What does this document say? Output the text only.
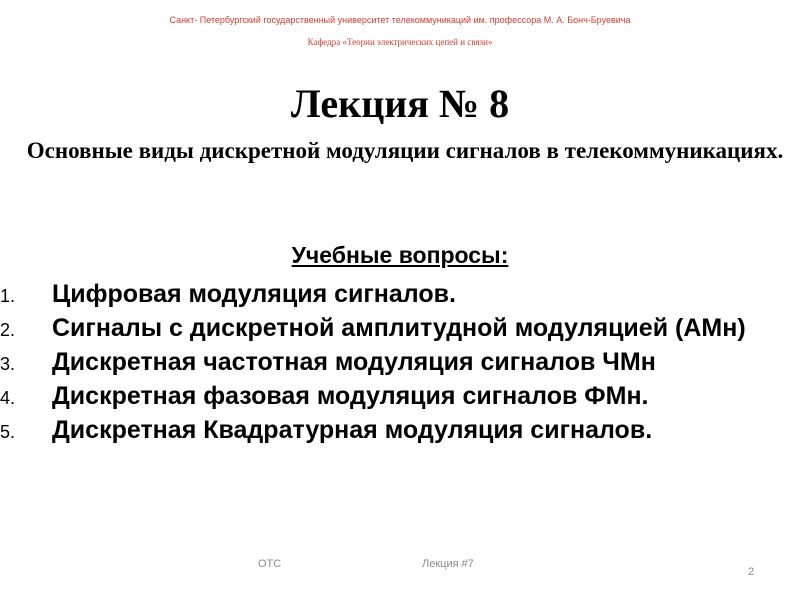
Санкт- Петербургский государственный университет телекоммуникаций им. профессора М. А. Бонч-Бруевича
Кафедра «Теории электрических цепей и связи»
Лекция № 8
Основные виды дискретной модуляции сигналов в телекоммуникациях.
Учебные вопросы:
1. Цифровая модуляция сигналов.
2. Сигналы с дискретной амплитудной модуляцией (АМн)
3. Дискретная частотная модуляция сигналов ЧМн
4. Дискретная фазовая модуляция сигналов ФМн.
5. Дискретная Квадратурная модуляция сигналов.
ОТС	Лекция #7
2
